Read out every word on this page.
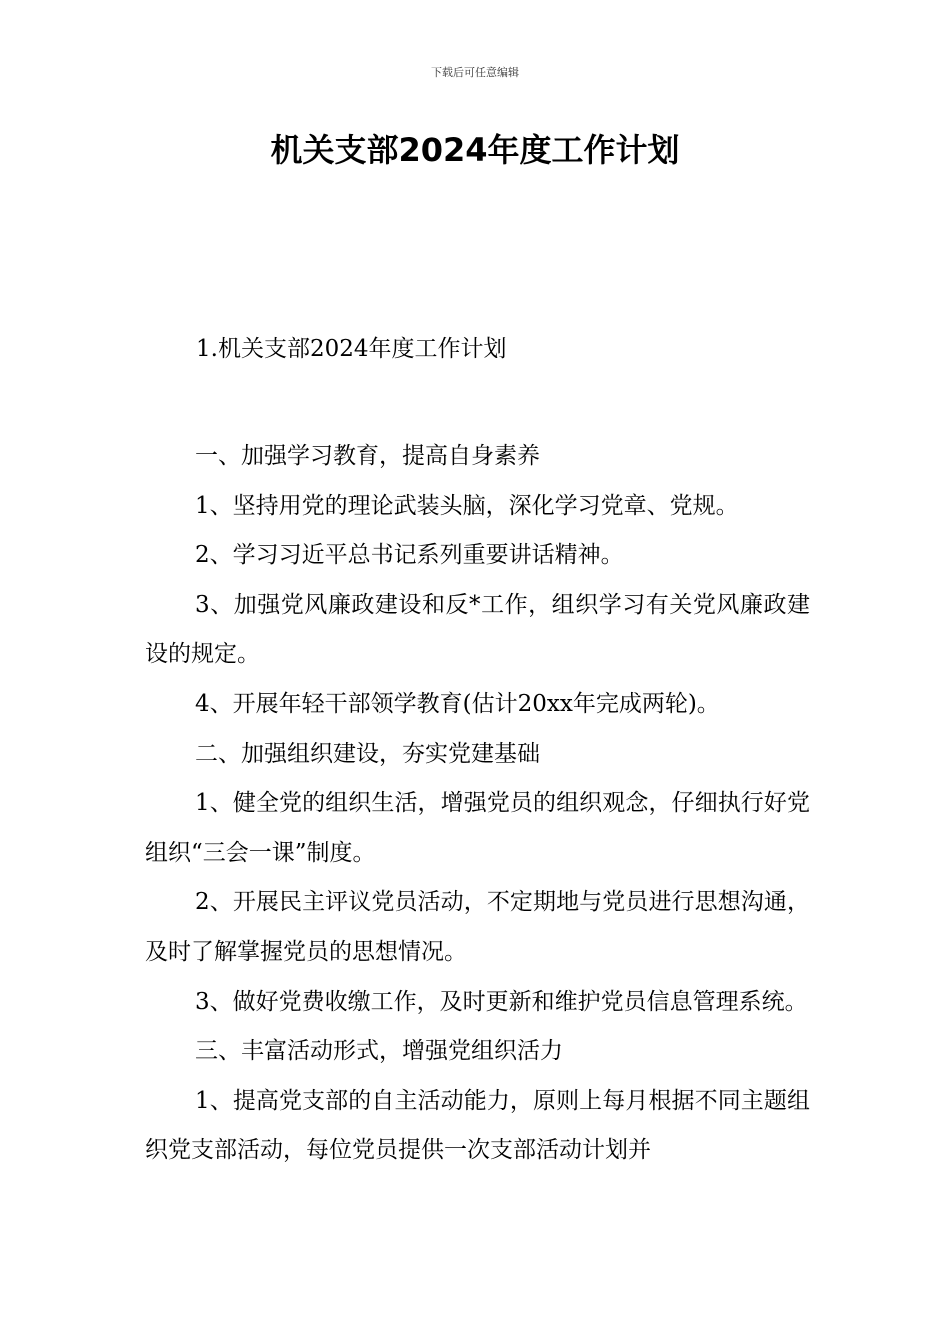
下载后可任意编辑
机关支部2024年度工作计划
1.机关支部2024年度工作计划

一、加强学习教育，提高自身素养

1、坚持用党的理论武装头脑，深化学习党章、党规。

2、学习习近平总书记系列重要讲话精神。

3、加强党风廉政建设和反*工作，组织学习有关党风廉政建设的规定。

4、开展年轻干部领学教育(估计20xx年完成两轮)。

二、加强组织建设，夯实党建基础

1、健全党的组织生活，增强党员的组织观念，仔细执行好党组织“三会一课”制度。

2、开展民主评议党员活动，不定期地与党员进行思想沟通，及时了解掌握党员的思想情况。

3、做好党费收缴工作，及时更新和维护党员信息管理系统。

三、丰富活动形式，增强党组织活力

1、提高党支部的自主活动能力，原则上每月根据不同主题组织党支部活动，每位党员提供一次支部活动计划并
